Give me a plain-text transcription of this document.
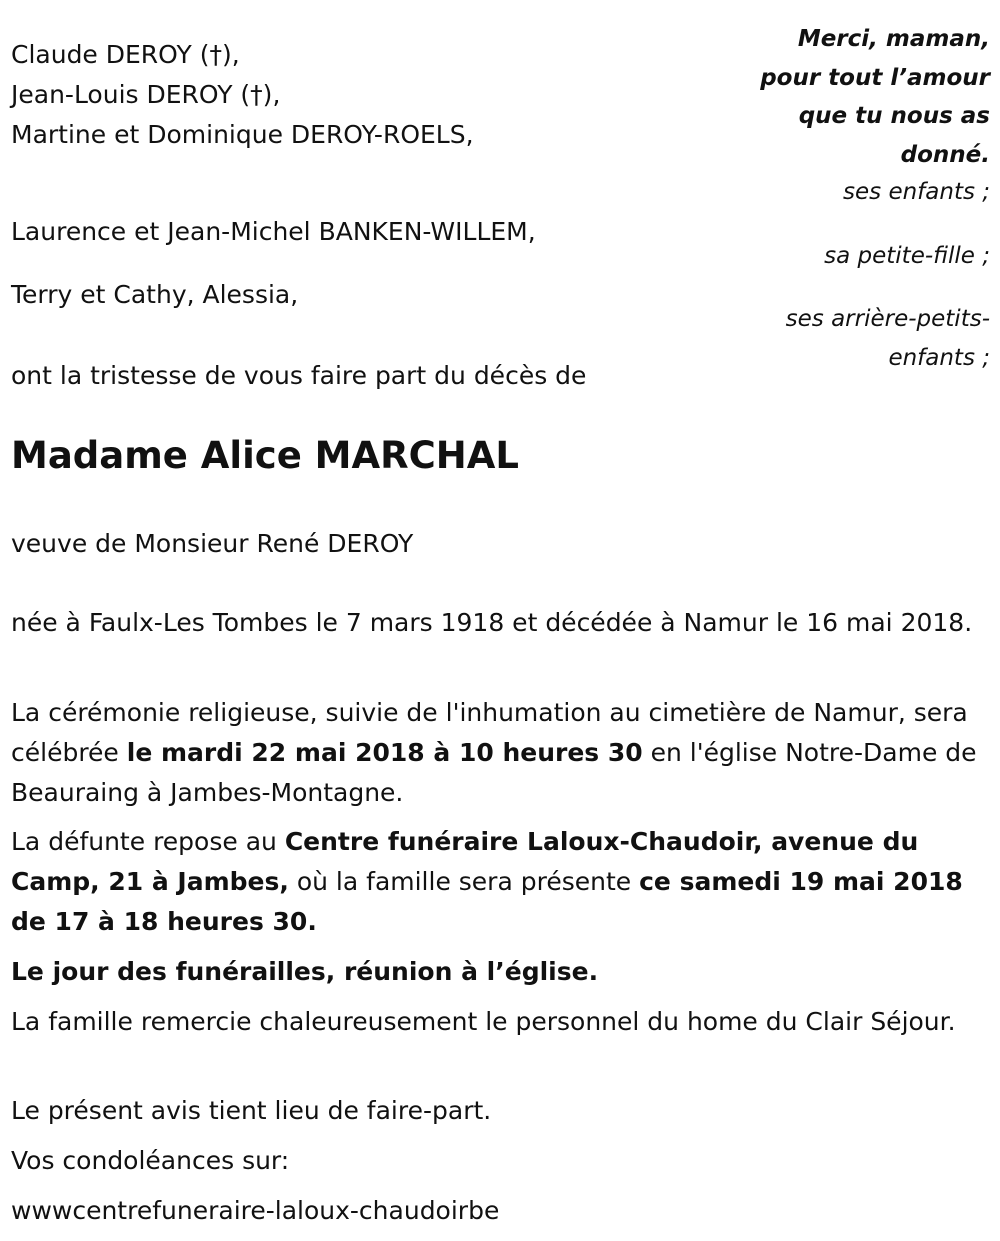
Claude DEROY (†),
Jean-Louis DEROY (†),
Martine et Dominique DEROY-ROELS,
Laurence et Jean-Michel BANKEN-WILLEM,
Terry et Cathy, Alessia,
Merci, maman,
pour tout l’amour
que tu nous as
donné.
ses enfants ;
sa petite-fille ;
ses arrière-petits-
enfants ;
ont la tristesse de vous faire part du décès de
Madame Alice MARCHAL
veuve de Monsieur René DEROY
née à Faulx-Les Tombes le 7 mars 1918 et décédée à Namur le 16 mai 2018.
La cérémonie religieuse, suivie de l'inhumation au cimetière de Namur, sera célébrée le mardi 22 mai 2018 à 10 heures 30 en l'église Notre-Dame de Beauraing à Jambes-Montagne.
La défunte repose au Centre funéraire Laloux-Chaudoir, avenue du Camp, 21 à Jambes, où la famille sera présente ce samedi 19 mai 2018 de 17 à 18 heures 30.
Le jour des funérailles, réunion à l’église.
La famille remercie chaleureusement le personnel du home du Clair Séjour.
Le présent avis tient lieu de faire-part.
Vos condoléances sur:
wwwcentrefuneraire-laloux-chaudoirbe
